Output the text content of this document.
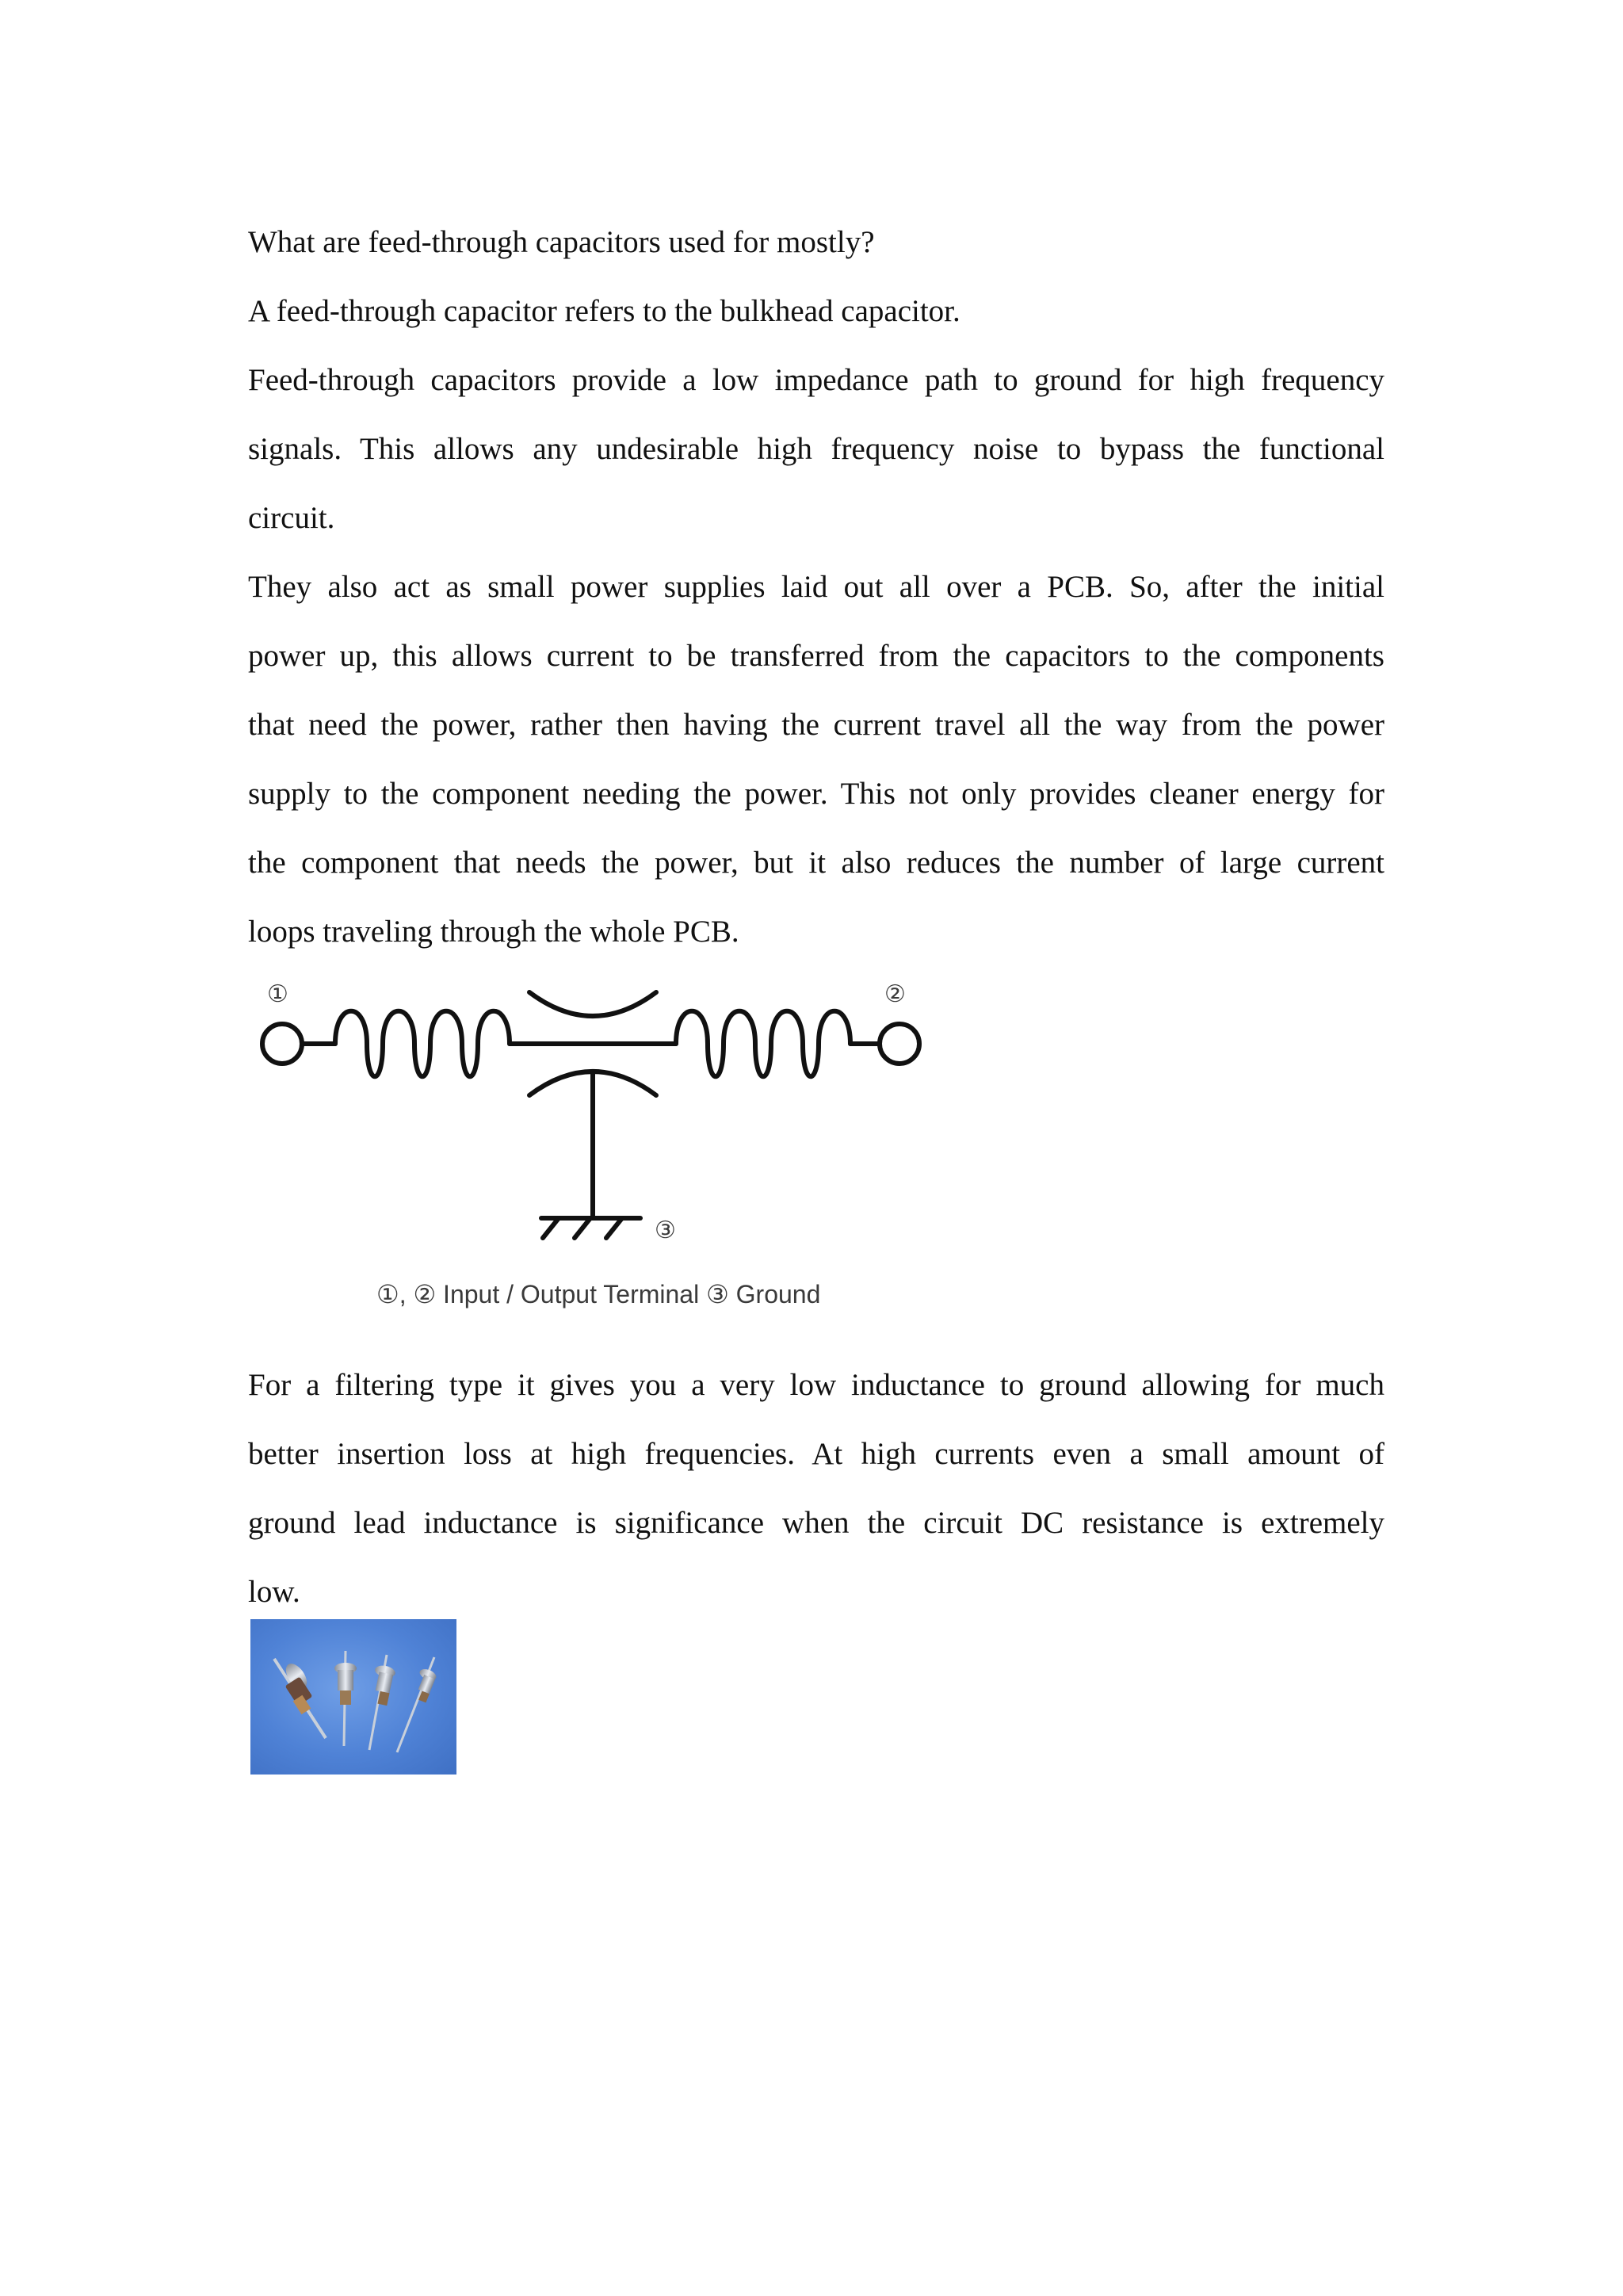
What are feed-through capacitors used for mostly?
A feed-through capacitor refers to the bulkhead capacitor.
Feed-through capacitors provide a low impedance path to ground for high frequency
signals. This allows any undesirable high frequency noise to bypass the functional
circuit.
They also act as small power supplies laid out all over a PCB. So, after the initial
power up, this allows current to be transferred from the capacitors to the components
that need the power, rather then having the current travel all the way from the power
supply to the component needing the power. This not only provides cleaner energy for
the component that needs the power, but it also reduces the number of large current
loops traveling through the whole PCB.
①	②
③
①, ② Input / Output Terminal ③ Ground
For a filtering type it gives you a very low inductance to ground allowing for much
better insertion loss at high frequencies. At high currents even a small amount of
ground lead inductance is significance when the circuit DC resistance is extremely
low.
